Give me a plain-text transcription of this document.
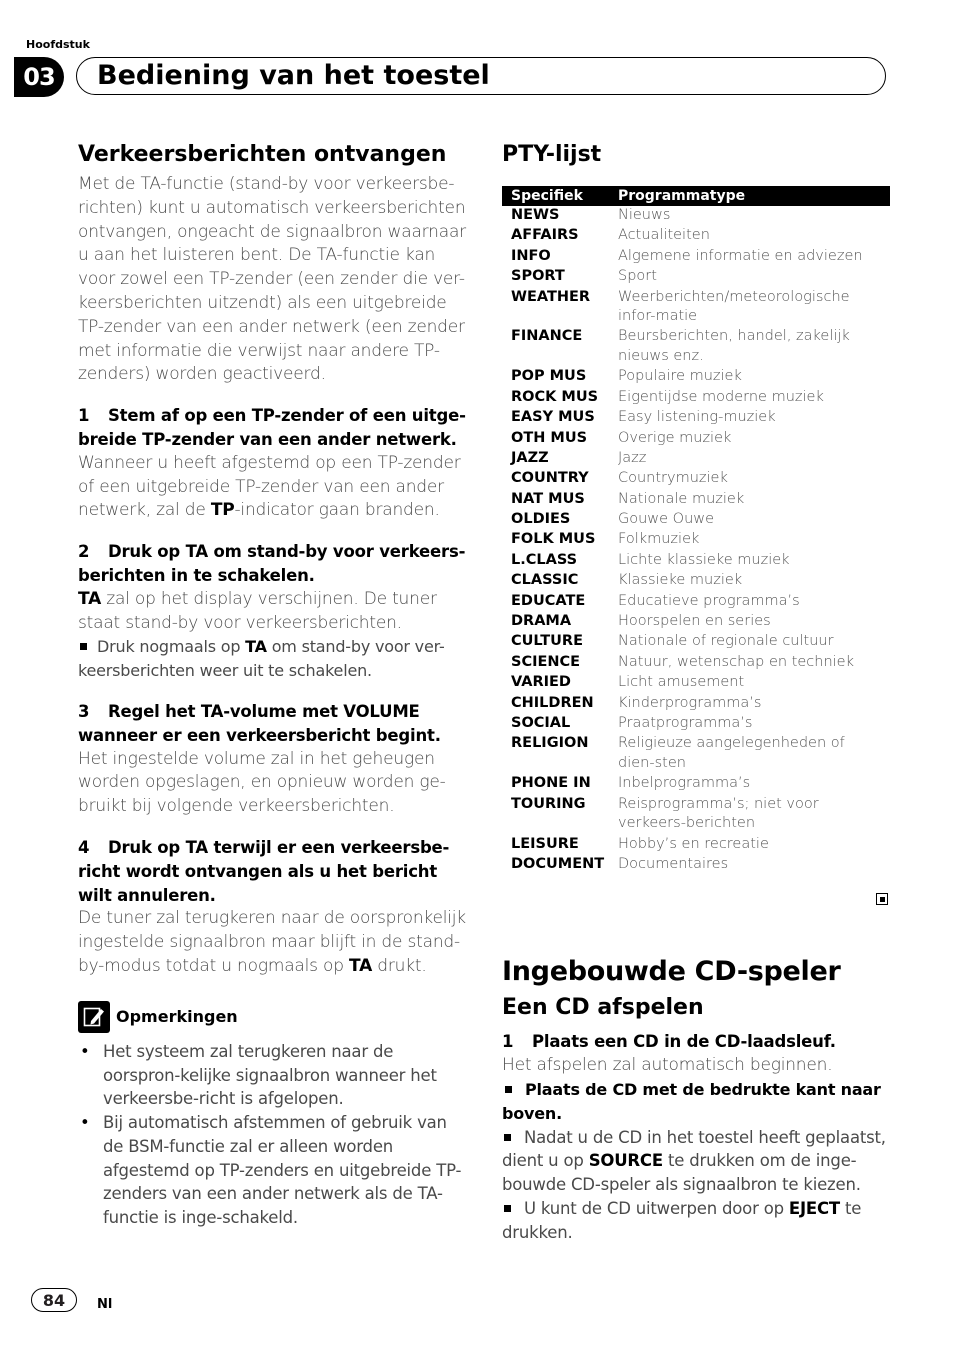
Hoofdstuk
03	Bediening van het toestel
Verkeersberichten ontvangen

Met de TA-functie (stand-by voor verkeersbe-richten) kunt u automatisch verkeersberichten ontvangen, ongeacht de signaalbron waarnaar u aan het luisteren bent. De TA-functie kan voor zowel een TP-zender (een zender die ver-keersberichten uitzendt) als een uitgebreide TP-zender van een ander netwerk (een zender met informatie die verwijst naar andere TP-zenders) worden geactiveerd.

1 Stem af op een TP-zender of een uitge-breide TP-zender van een ander netwerk.

Wanneer u heeft afgestemd op een TP-zender of een uitgebreide TP-zender van een ander netwerk, zal de TP-indicator gaan branden.

2 Druk op TA om stand-by voor verkeers-berichten in te schakelen.

TA zal op het display verschijnen. De tuner staat stand-by voor verkeersberichten.

Druk nogmaals op TA om stand-by voor ver-keersberichten weer uit te schakelen.

3 Regel het TA-volume met VOLUME wanneer er een verkeersbericht begint.

Het ingestelde volume zal in het geheugen worden opgeslagen, en opnieuw worden ge-bruikt bij volgende verkeersberichten.

4 Druk op TA terwijl er een verkeersbe-richt wordt ontvangen als u het bericht wilt annuleren.

De tuner zal terugkeren naar de oorspronkelijk ingestelde signaalbron maar blijft in de stand-by-modus totdat u nogmaals op TA drukt.

Opmerkingen
• Het systeem zal terugkeren naar de oorspron-kelijke signaalbron wanneer het verkeersbe-richt is afgelopen.
• Bij automatisch afstemmen of gebruik van de BSM-functie zal er alleen worden afgestemd op TP-zenders en uitgebreide TP-zenders van een ander netwerk als de TA-functie is inge-schakeld.
PTY-lijst
Specifiek	Programmatype
NEWS	Nieuws
AFFAIRS	Actualiteiten
INFO	Algemene informatie en adviezen
SPORT	Sport
WEATHER	Weerberichten/meteorologische infor-matie
FINANCE	Beursberichten, handel, zakelijk nieuws enz.
POP MUS	Populaire muziek
ROCK MUS	Eigentijdse moderne muziek
EASY MUS	Easy listening-muziek
OTH MUS	Overige muziek
JAZZ	Jazz
COUNTRY	Countrymuziek
NAT MUS	Nationale muziek
OLDIES	Gouwe Ouwe
FOLK MUS	Folkmuziek
L.CLASS	Lichte klassieke muziek
CLASSIC	Klassieke muziek
EDUCATE	Educatieve programma’s
DRAMA	Hoorspelen en series
CULTURE	Nationale of regionale cultuur
SCIENCE	Natuur, wetenschap en techniek
VARIED	Licht amusement
CHILDREN	Kinderprogramma’s
SOCIAL	Praatprogramma’s
RELIGION	Religieuze aangelegenheden of dien-sten
PHONE IN	Inbelprogramma’s
TOURING	Reisprogramma’s; niet voor verkeers-berichten
LEISURE	Hobby’s en recreatie
DOCUMENT	Documentaires
Ingebouwde CD-speler
Een CD afspelen

1 Plaats een CD in de CD-laadsleuf.

Het afspelen zal automatisch beginnen.

Plaats de CD met de bedrukte kant naar boven.

Nadat u de CD in het toestel heeft geplaatst, dient u op SOURCE te drukken om de inge-bouwde CD-speler als signaalbron te kiezen.

U kunt de CD uitwerpen door op EJECT te drukken.

84	Nl
